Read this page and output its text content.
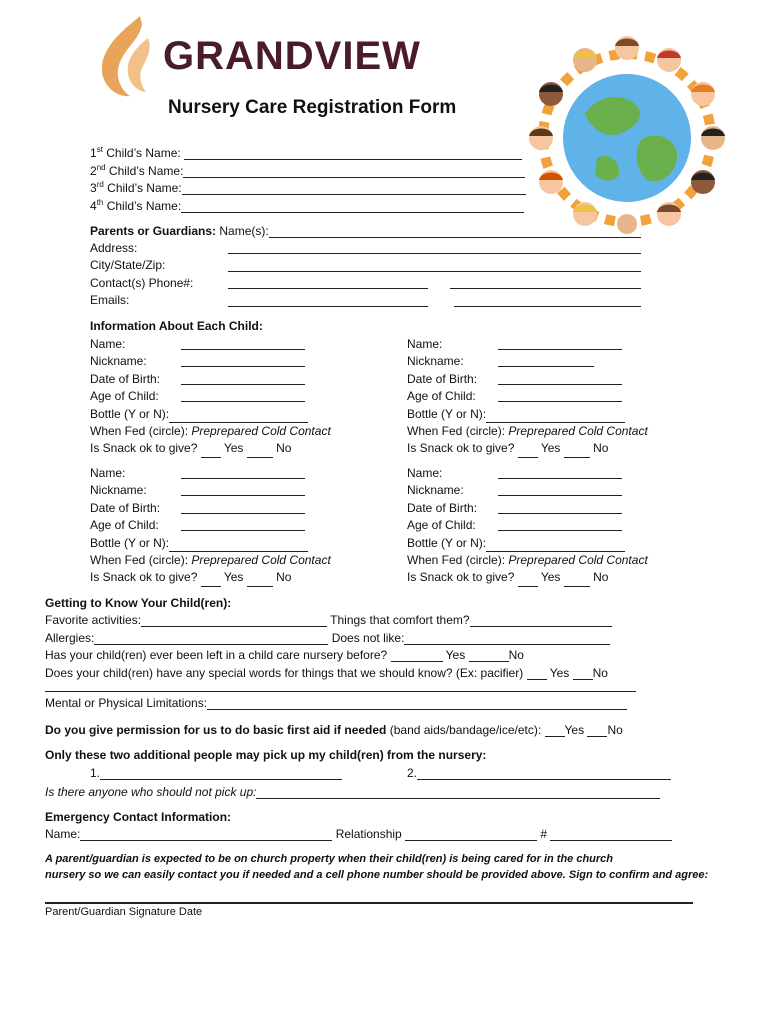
GRANDVIEW
Nursery Care Registration Form
1st Child’s Name:
2nd Child’s Name:
3rd Child’s Name:
4th Child’s Name:
Parents or Guardians: Name(s):
Address:
City/State/Zip:
Contact(s) Phone#:
Emails:
Information About Each Child:
Name:
Nickname:
Date of Birth:
Age of Child:
Bottle (Y or N):
When Fed (circle): Preprepared Cold Contact
Is Snack ok to give? Yes	No
Name:
Nickname:
Date of Birth:
Age of Child:
Bottle (Y or N):
When Fed (circle): Preprepared Cold Contact
Is Snack ok to give? Yes	No
Name:
Nickname:
Date of Birth:
Age of Child:
Bottle (Y or N):
When Fed (circle): Preprepared Cold Contact
Is Snack ok to give? Yes	No
Name:
Nickname:
Date of Birth:
Age of Child:
Bottle (Y or N):
When Fed (circle): Preprepared Cold Contact
Is Snack ok to give? Yes	No
Getting to Know Your Child(ren):
Favorite activities:	Things that comfort them?
Allergies:	Does not like:
Has your child(ren) ever been left in a child care nursery before?	Yes	No
Does your child(ren) have any special words for things that we should know? (Ex: pacifier) Yes No
Mental or Physical Limitations:
Do you give permission for us to do basic first aid if needed (band aids/bandage/ice/etc): Yes No
Only these two additional people may pick up my child(ren) from the nursery:
1.	2.
Is there anyone who should not pick up:
Emergency Contact Information:
Name:	Relationship	#
A parent/guardian is expected to be on church property when their child(ren) is being cared for in the church
nursery so we can easily contact you if needed and a cell phone number should be provided above. Sign to confirm and agree:
Parent/Guardian Signature Date
